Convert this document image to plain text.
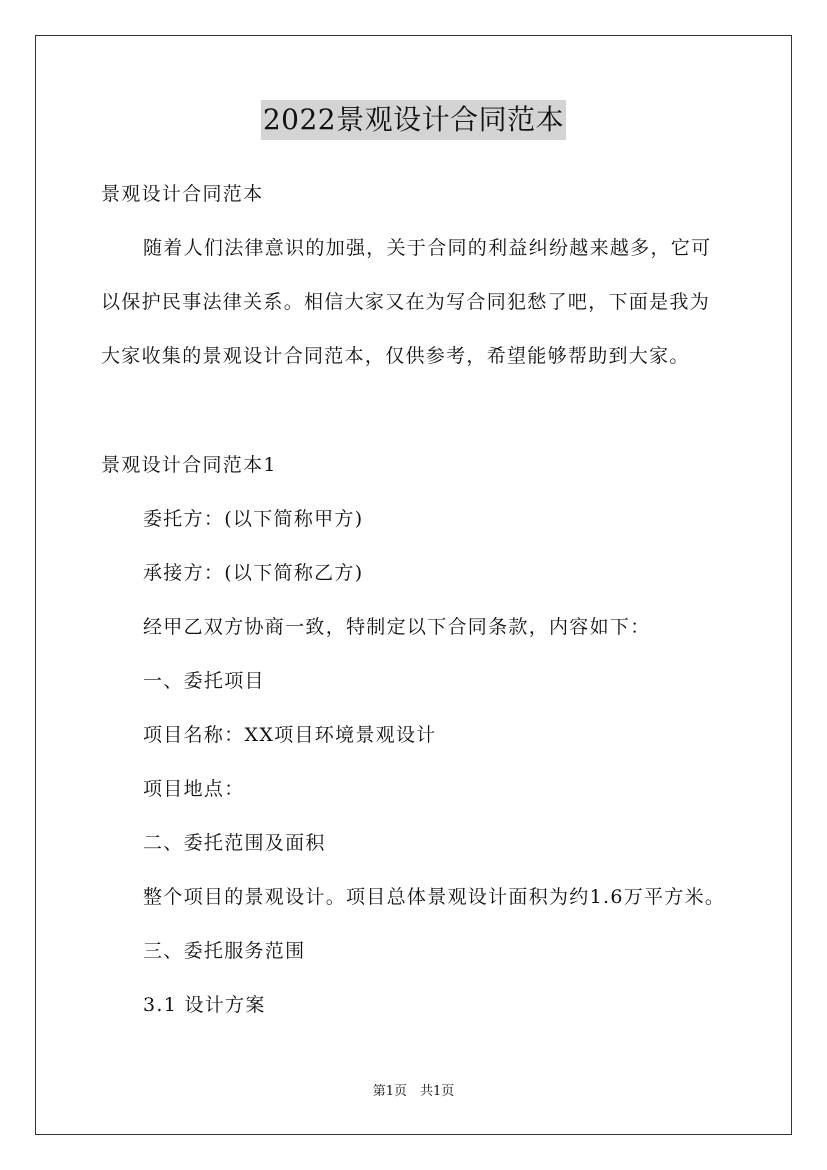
2022景观设计合同范本
景观设计合同范本
随着人们法律意识的加强，关于合同的利益纠纷越来越多，它可
以保护民事法律关系。相信大家又在为写合同犯愁了吧，下面是我为
大家收集的景观设计合同范本，仅供参考，希望能够帮助到大家。
景观设计合同范本1
委托方：(以下简称甲方)
承接方：(以下简称乙方)
经甲乙双方协商一致，特制定以下合同条款，内容如下：
一、委托项目
项目名称：XX项目环境景观设计
项目地点：
二、委托范围及面积
整个项目的景观设计。项目总体景观设计面积为约1.6万平方米。
三、委托服务范围
3.1 设计方案
第1页　共1页
